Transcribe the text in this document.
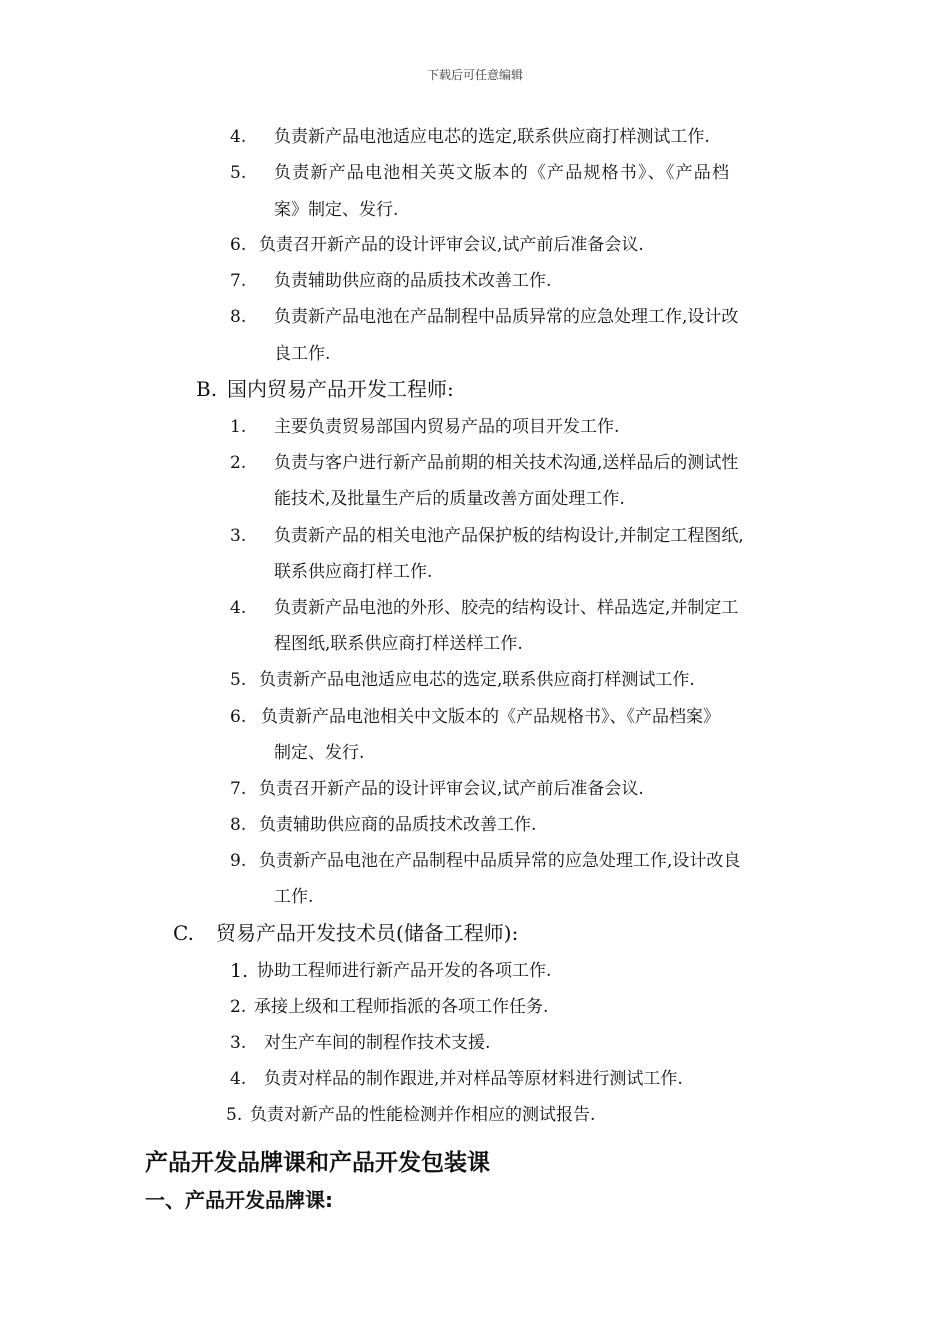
下载后可任意编辑
4. 负责新产品电池适应电芯的选定,联系供应商打样测试工作.
5. 负责新产品电池相关英文版本的《产品规格书》、《产品档
案》制定、发行.
6. 负责召开新产品的设计评审会议,试产前后准备会议.
7. 负责辅助供应商的品质技术改善工作.
8. 负责新产品电池在产品制程中品质异常的应急处理工作,设计改
良工作.
B. 国内贸易产品开发工程师:
1. 主要负责贸易部国内贸易产品的项目开发工作.
2. 负责与客户进行新产品前期的相关技术沟通,送样品后的测试性
能技术,及批量生产后的质量改善方面处理工作.
3. 负责新产品的相关电池产品保护板的结构设计,并制定工程图纸,
联系供应商打样工作.
4. 负责新产品电池的外形、胶壳的结构设计、样品选定,并制定工
程图纸,联系供应商打样送样工作.
5. 负责新产品电池适应电芯的选定,联系供应商打样测试工作.
6. 负责新产品电池相关中文版本的《产品规格书》、《产品档案》
制定、发行.
7. 负责召开新产品的设计评审会议,试产前后准备会议.
8. 负责辅助供应商的品质技术改善工作.
9. 负责新产品电池在产品制程中品质异常的应急处理工作,设计改良
工作.
C. 贸易产品开发技术员(储备工程师):
1. 协助工程师进行新产品开发的各项工作.
2. 承接上级和工程师指派的各项工作任务.
3. 对生产车间的制程作技术支援.
4. 负责对样品的制作跟进,并对样品等原材料进行测试工作.
5. 负责对新产品的性能检测并作相应的测试报告.
产品开发品牌课和产品开发包装课
一、产品开发品牌课:
